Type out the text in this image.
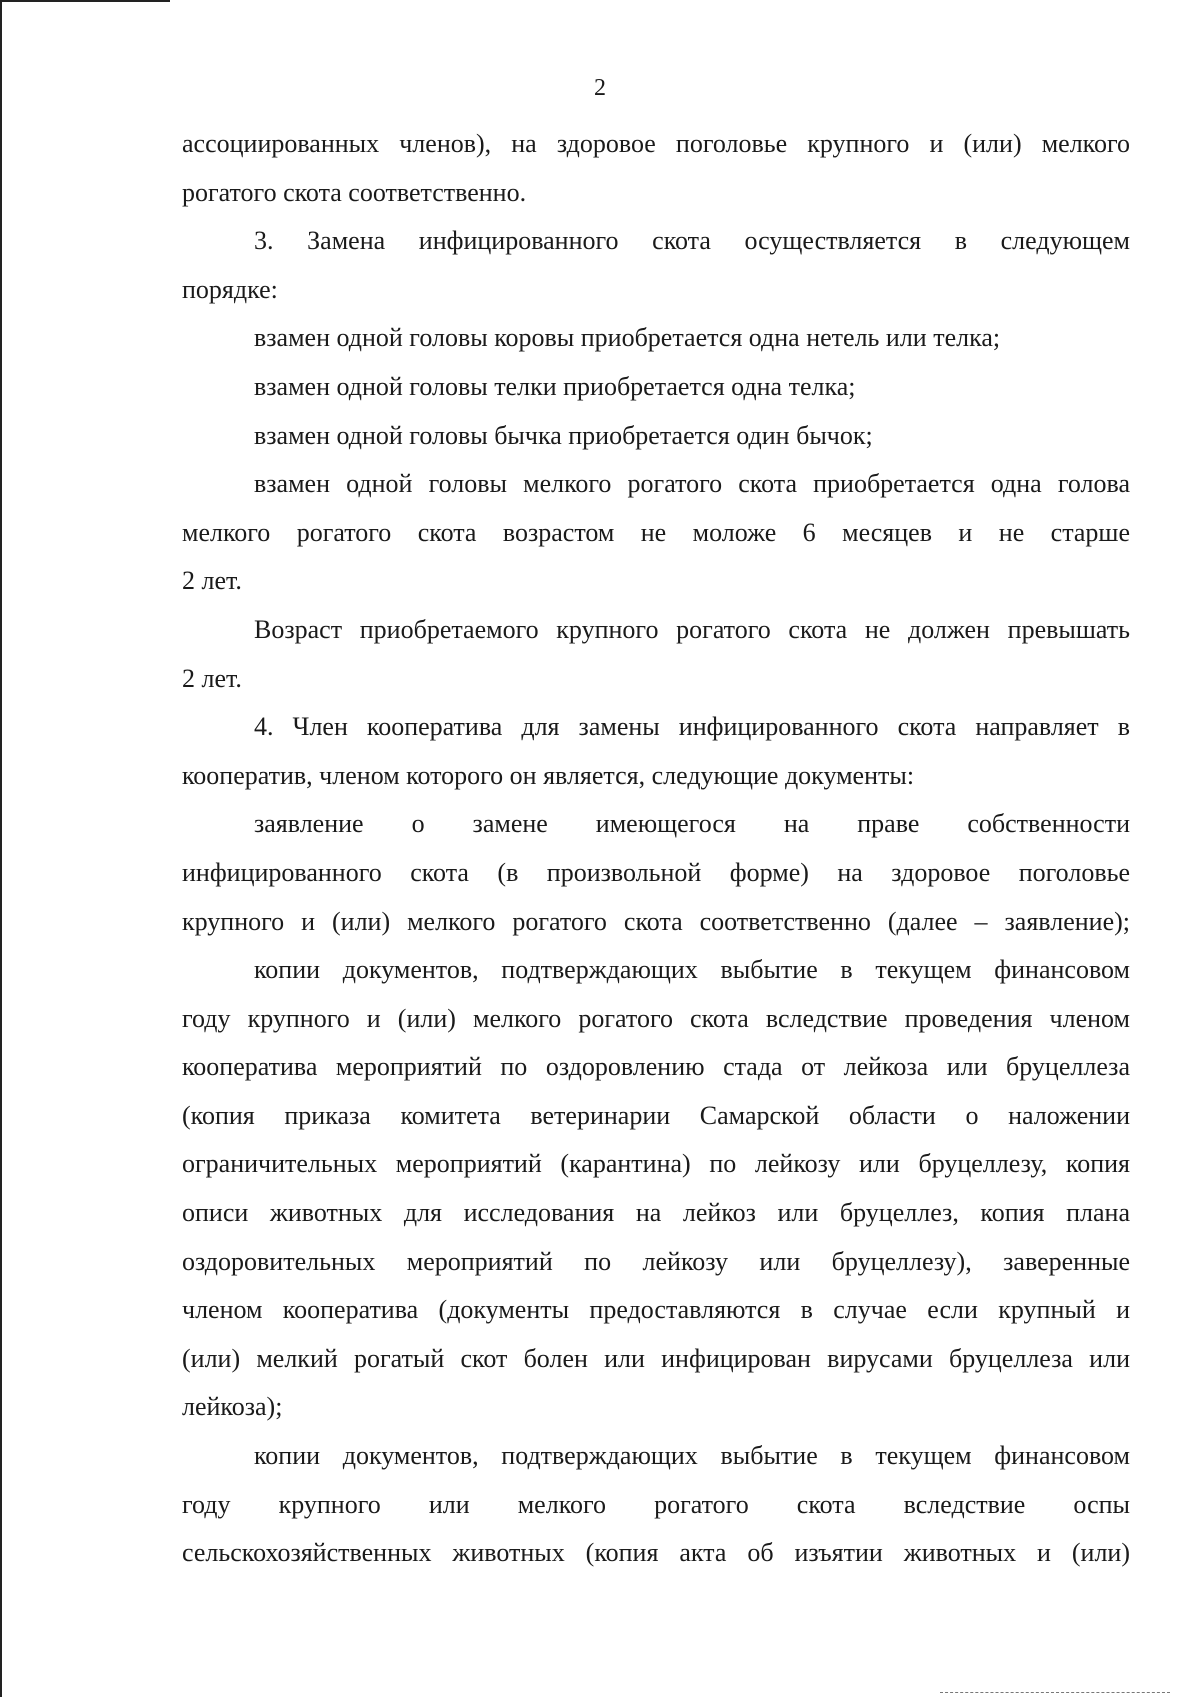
2
ассоциированных членов), на здоровое поголовье крупного и (или) мелкого
рогатого скота соответственно.
3. Замена инфицированного скота осуществляется в следующем
порядке:
взамен одной головы коровы приобретается одна нетель или телка;
взамен одной головы телки приобретается одна телка;
взамен одной головы бычка приобретается один бычок;
взамен одной головы мелкого рогатого скота приобретается одна голова
мелкого рогатого скота возрастом не моложе 6 месяцев и не старше
2 лет.
Возраст приобретаемого крупного рогатого скота не должен превышать
2 лет.
4. Член кооператива для замены инфицированного скота направляет в
кооператив, членом которого он является, следующие документы:
заявление о замене имеющегося на праве собственности
инфицированного скота (в произвольной форме) на здоровое поголовье
крупного и (или) мелкого рогатого скота соответственно (далее – заявление);
копии документов, подтверждающих выбытие в текущем финансовом
году крупного и (или) мелкого рогатого скота вследствие проведения членом
кооператива мероприятий по оздоровлению стада от лейкоза или бруцеллеза
(копия приказа комитета ветеринарии Самарской области о наложении
ограничительных мероприятий (карантина) по лейкозу или бруцеллезу, копия
описи животных для исследования на лейкоз или бруцеллез, копия плана
оздоровительных мероприятий по лейкозу или бруцеллезу), заверенные
членом кооператива (документы предоставляются в случае если крупный и
(или) мелкий рогатый скот болен или инфицирован вирусами бруцеллеза или
лейкоза);
копии документов, подтверждающих выбытие в текущем финансовом
году крупного или мелкого рогатого скота вследствие оспы
сельскохозяйственных животных (копия акта об изъятии животных и (или)
